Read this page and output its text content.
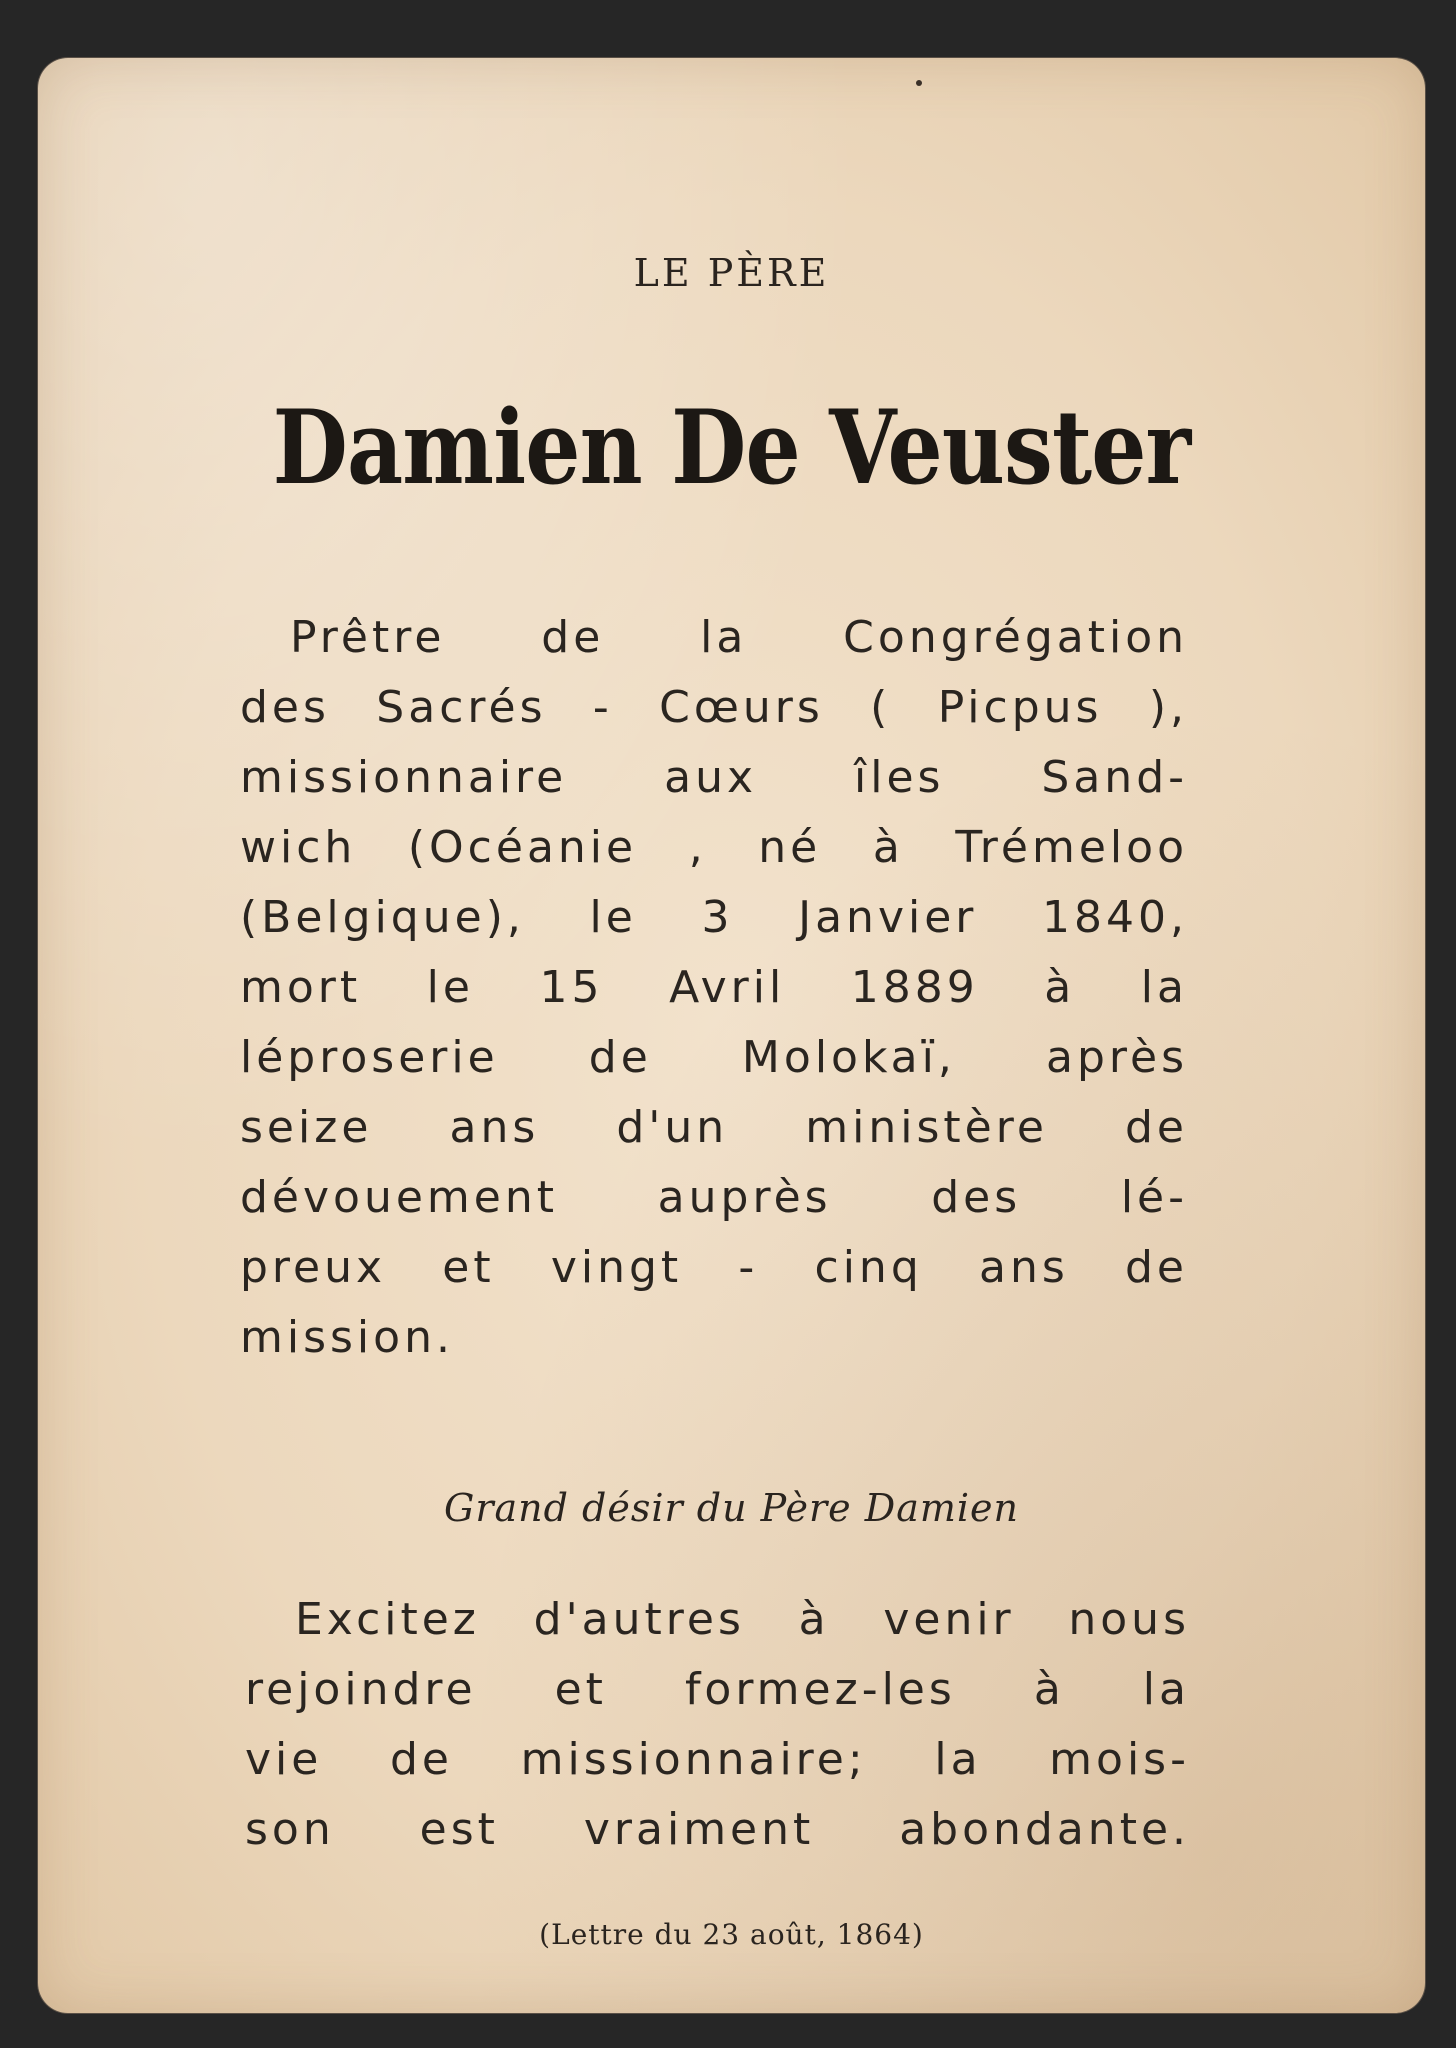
LE PÈRE
Damien De Veuster
Prêtre de la Congrégation
des Sacrés - Cœurs ( Picpus ),
missionnaire aux îles Sand-
wich (Océanie , né à Trémeloo
(Belgique), le 3 Janvier 1840,
mort le 15 Avril 1889 à la
léproserie de Molokaï, après
seize ans d'un ministère de
dévouement auprès des lé-
preux et vingt - cinq ans de
mission.
Grand désir du Père Damien
Excitez d'autres à venir nous
rejoindre et formez-les à la
vie de missionnaire; la mois-
son est vraiment abondante.
(Lettre du 23 août, 1864)
